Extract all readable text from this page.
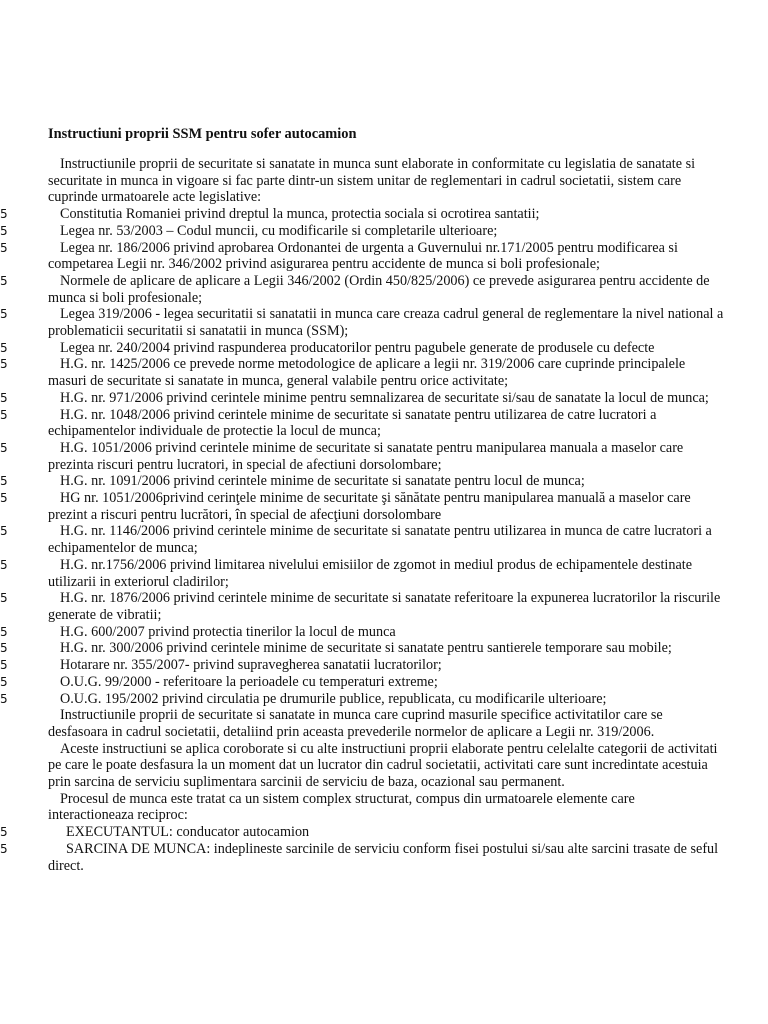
Instructiuni proprii SSM pentru sofer autocamion
Instructiunile proprii de securitate si sanatate in munca sunt elaborate in conformitate cu legislatia de sanatate si securitate in munca in vigoare si fac parte dintr-un sistem unitar de reglementari in cadrul societatii, sistem care cuprinde urmatoarele acte legislative:
5	Constitutia Romaniei privind dreptul la munca, protectia sociala si ocrotirea santatii;
5	Legea nr. 53/2003 – Codul muncii, cu modificarile si completarile ulterioare;
5	Legea nr. 186/2006 privind aprobarea Ordonantei de urgenta a Guvernului nr.171/2005 pentru modificarea si competarea Legii nr. 346/2002 privind asigurarea pentru accidente de munca si boli profesionale;
5	Normele de aplicare de aplicare a Legii 346/2002 (Ordin 450/825/2006) ce prevede asigurarea pentru accidente de munca si boli profesionale;
5	Legea 319/2006 - legea securitatii si sanatatii in munca care creaza cadrul general de reglementare la nivel national a problematicii securitatii si sanatatii in munca (SSM);
5	Legea nr. 240/2004 privind raspunderea producatorilor pentru pagubele generate de produsele cu defecte
5	H.G. nr. 1425/2006 ce prevede norme metodologice de aplicare a legii nr. 319/2006 care cuprinde principalele masuri de securitate si sanatate in munca, general valabile pentru orice activitate;
5	H.G. nr. 971/2006 privind cerintele minime pentru semnalizarea de securitate si/sau de sanatate la locul de munca;
5	H.G. nr. 1048/2006 privind cerintele minime de securitate si sanatate pentru utilizarea de catre lucratori a echipamentelor individuale de protectie la locul de munca;
5	H.G. 1051/2006 privind cerintele minime de securitate si sanatate pentru manipularea manuala a maselor care prezinta riscuri pentru lucratori, in special de afectiuni dorsolombare;
5	H.G. nr. 1091/2006 privind cerintele minime de securitate si sanatate pentru locul de munca;
5	HG nr. 1051/2006privind cerinţele minime de securitate şi sănătate pentru manipularea manuală a maselor care prezint a riscuri pentru lucrători, în special de afecţiuni dorsolombare
5	H.G. nr. 1146/2006 privind cerintele minime de securitate si sanatate pentru utilizarea in munca de catre lucratori a echipamentelor de munca;
5	H.G. nr.1756/2006 privind limitarea nivelului emisiilor de zgomot in mediul produs de echipamentele destinate utilizarii in exteriorul cladirilor;
5	H.G. nr. 1876/2006 privind cerintele minime de securitate si sanatate referitoare la expunerea lucratorilor la riscurile generate de vibratii;
5	H.G. 600/2007 privind protectia tinerilor la locul de munca
5	H.G. nr. 300/2006 privind cerintele minime de securitate si sanatate pentru santierele temporare sau mobile;
5	Hotarare nr. 355/2007- privind supravegherea sanatatii lucratorilor;
5	O.U.G. 99/2000 - referitoare la perioadele cu temperaturi extreme;
5	O.U.G. 195/2002 privind circulatia pe drumurile publice, republicata, cu modificarile ulterioare;
Instructiunile proprii de securitate si sanatate in munca care cuprind masurile specifice activitatilor care se desfasoara in cadrul societatii, detaliind prin aceasta prevederile normelor de aplicare a Legii nr. 319/2006.
Aceste instructiuni se aplica coroborate si cu alte instructiuni proprii elaborate pentru celelalte categorii de activitati pe care le poate desfasura la un moment dat un lucrator din cadrul societatii, activitati care sunt incredintate acestuia prin sarcina de serviciu suplimentara sarcinii de serviciu de baza, ocazional sau permanent.
Procesul de munca este tratat ca un sistem complex structurat, compus din urmatoarele elemente care interactioneaza reciproc:
5	EXECUTANTUL: conducator autocamion
5	SARCINA DE MUNCA: indeplineste sarcinile de serviciu conform fisei postului si/sau alte sarcini trasate de seful direct.
